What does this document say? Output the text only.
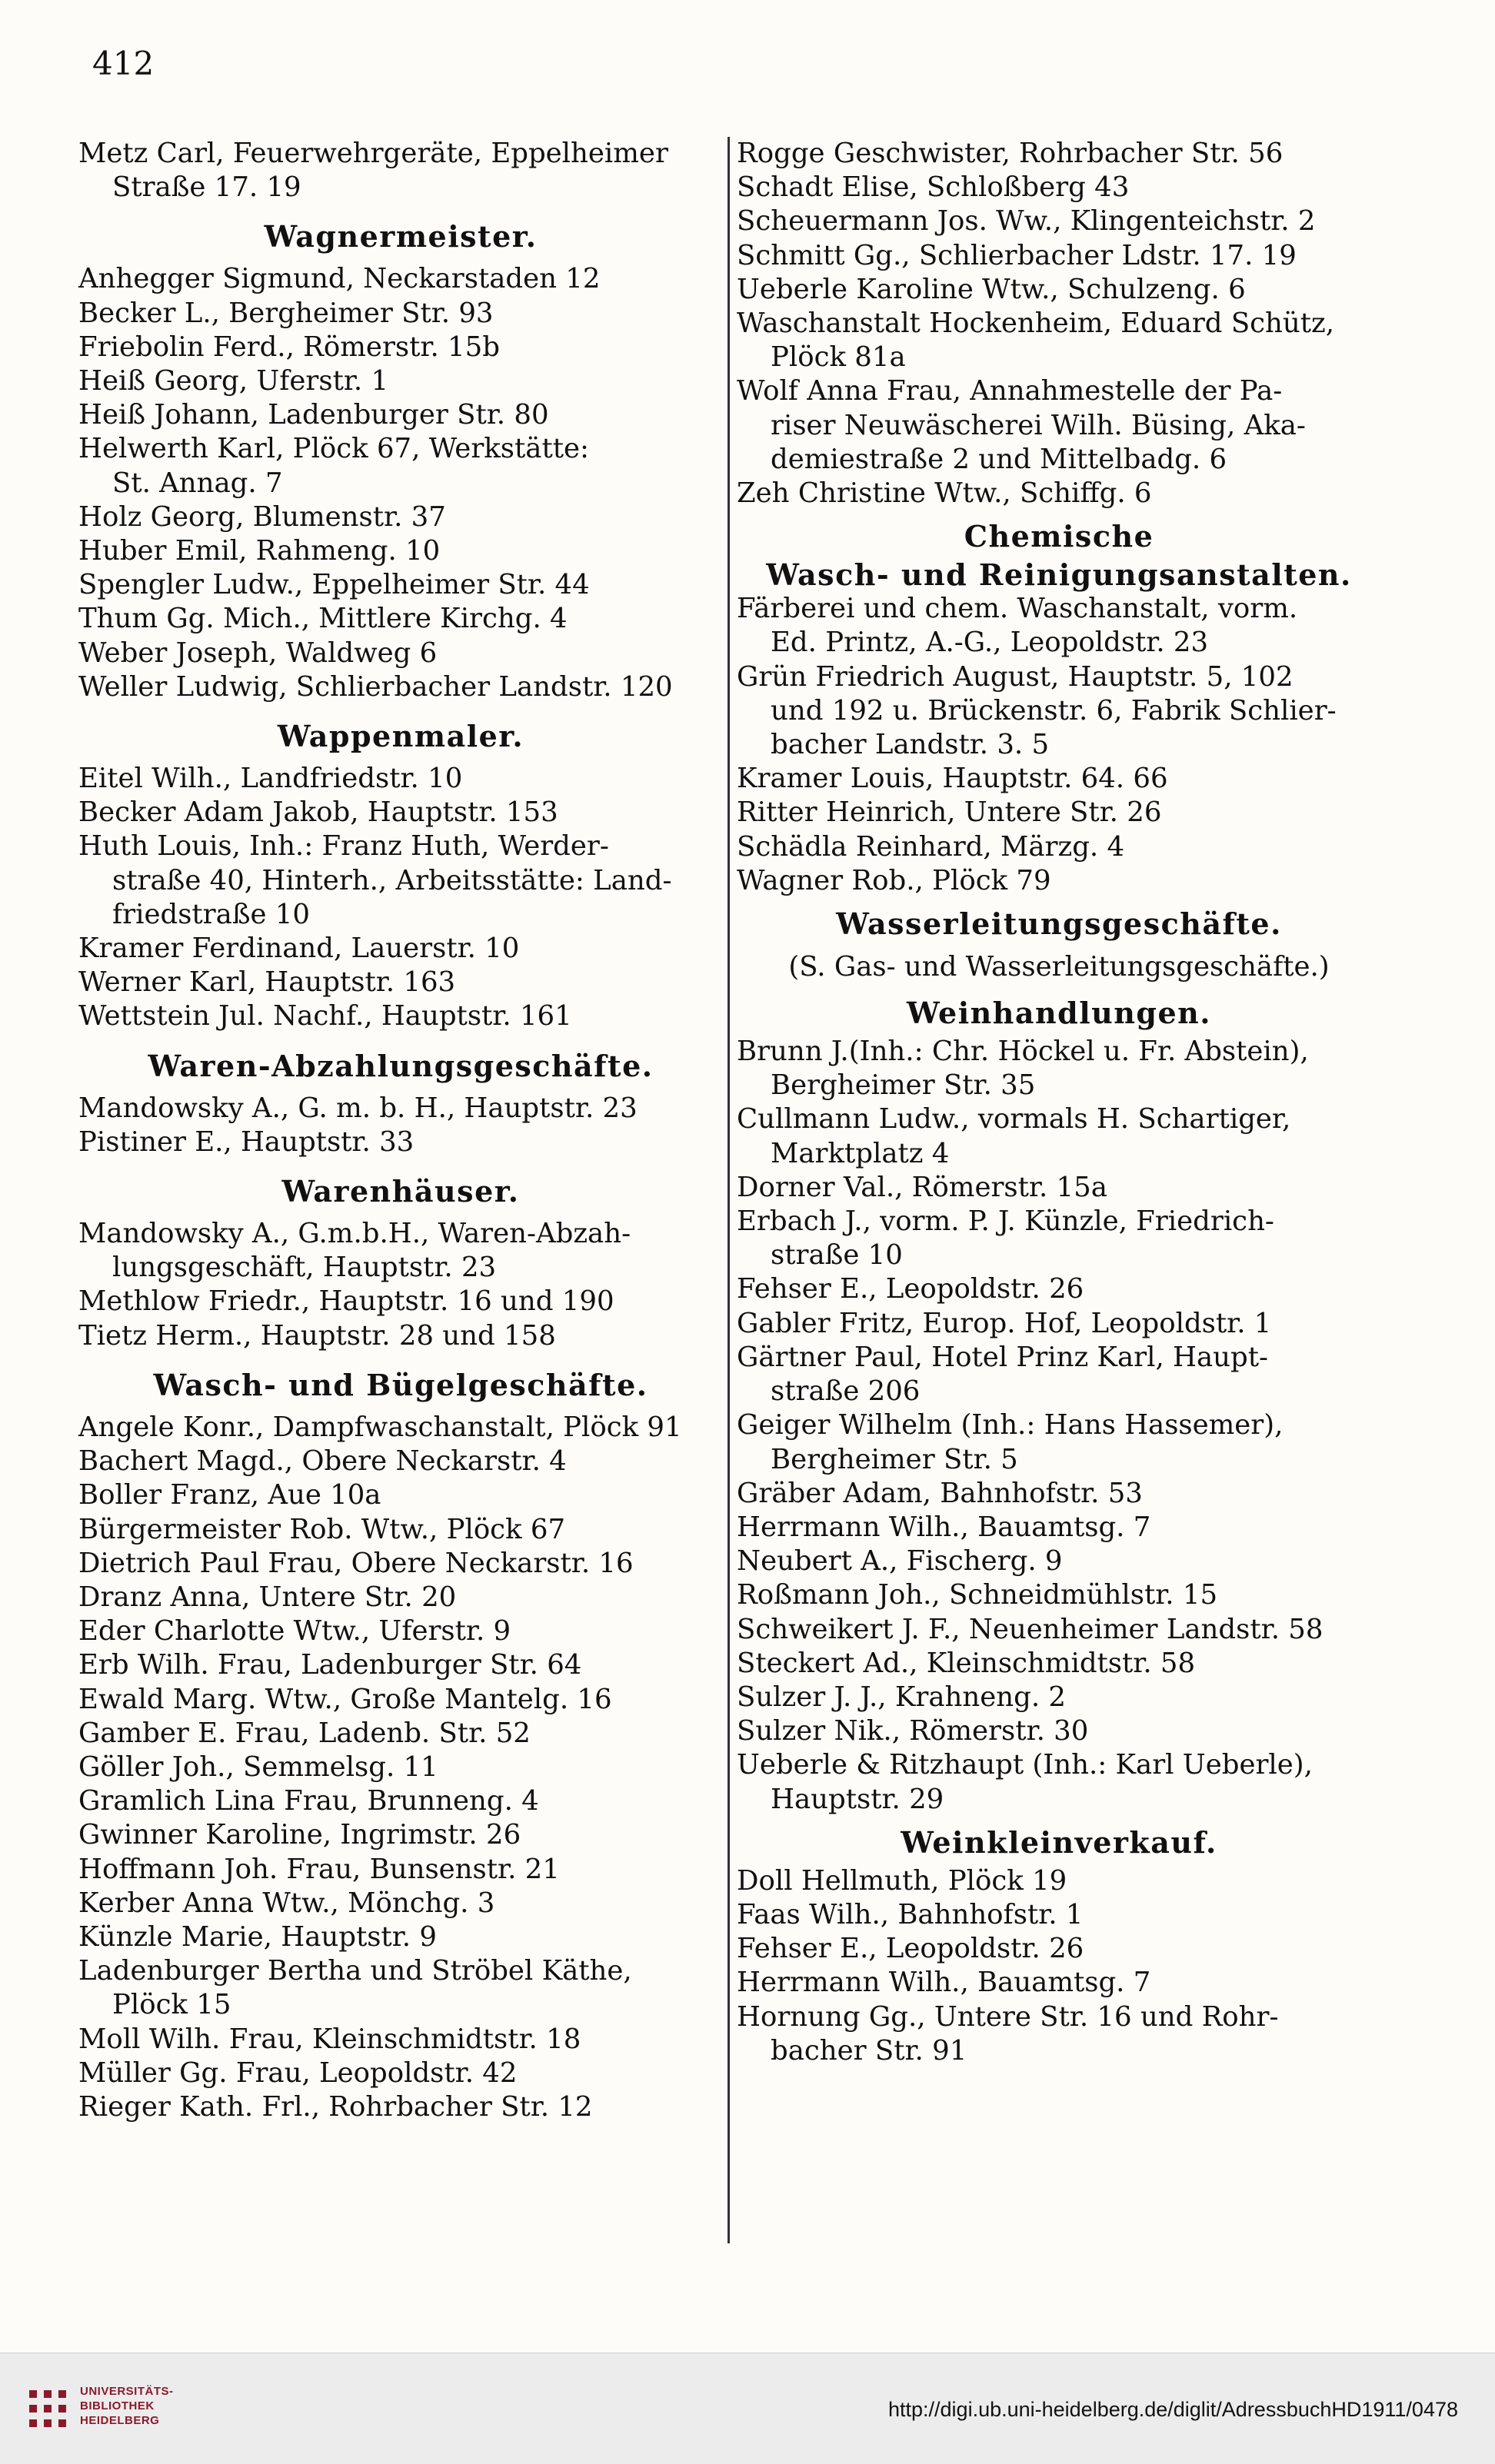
412

Metz Carl, Feuerwehrgeräte, Eppelheimer
Straße 17. 19

Wagnermeister.

Anhegger Sigmund, Neckarstaden 12

Becker L., Bergheimer Str. 93

Friebolin Ferd., Römerstr. 15b

Heiß Georg, Uferstr. 1

Heiß Johann, Ladenburger Str. 80

Helwerth Karl, Plöck 67, Werkstätte:
St. Annag. 7

Holz Georg, Blumenstr. 37

Huber Emil, Rahmeng. 10

Spengler Ludw., Eppelheimer Str. 44

Thum Gg. Mich., Mittlere Kirchg. 4

Weber Joseph, Waldweg 6

Weller Ludwig, Schlierbacher Landstr. 120

Wappenmaler.

Eitel Wilh., Landfriedstr. 10

Becker Adam Jakob, Hauptstr. 153

Huth Louis, Inh.: Franz Huth, Werder-
straße 40, Hinterh., Arbeitsstätte: Land-
friedstraße 10

Kramer Ferdinand, Lauerstr. 10

Werner Karl, Hauptstr. 163

Wettstein Jul. Nachf., Hauptstr. 161

Waren-Abzahlungsgeschäfte.

Mandowsky A., G. m. b. H., Hauptstr. 23

Pistiner E., Hauptstr. 33

Warenhäuser.

Mandowsky A., G.m.b.H., Waren-Abzah-
lungsgeschäft, Hauptstr. 23

Methlow Friedr., Hauptstr. 16 und 190

Tietz Herm., Hauptstr. 28 und 158

Wasch- und Bügelgeschäfte.

Angele Konr., Dampfwaschanstalt, Plöck 91

Bachert Magd., Obere Neckarstr. 4

Boller Franz, Aue 10a

Bürgermeister Rob. Wtw., Plöck 67

Dietrich Paul Frau, Obere Neckarstr. 16

Dranz Anna, Untere Str. 20

Eder Charlotte Wtw., Uferstr. 9

Erb Wilh. Frau, Ladenburger Str. 64

Ewald Marg. Wtw., Große Mantelg. 16

Gamber E. Frau, Ladenb. Str. 52

Göller Joh., Semmelsg. 11

Gramlich Lina Frau, Brunneng. 4

Gwinner Karoline, Ingrimstr. 26

Hoffmann Joh. Frau, Bunsenstr. 21

Kerber Anna Wtw., Mönchg. 3

Künzle Marie, Hauptstr. 9

Ladenburger Bertha und Ströbel Käthe,
Plöck 15

Moll Wilh. Frau, Kleinschmidtstr. 18

Müller Gg. Frau, Leopoldstr. 42

Rieger Kath. Frl., Rohrbacher Str. 12

Rogge Geschwister, Rohrbacher Str. 56

Schadt Elise, Schloßberg 43

Scheuermann Jos. Ww., Klingenteichstr. 2

Schmitt Gg., Schlierbacher Ldstr. 17. 19

Ueberle Karoline Wtw., Schulzeng. 6

Waschanstalt Hockenheim, Eduard Schütz,
Plöck 81a

Wolf Anna Frau, Annahmestelle der Pa-
riser Neuwäscherei Wilh. Büsing, Aka-
demiestraße 2 und Mittelbadg. 6

Zeh Christine Wtw., Schiffg. 6

Chemische

Wasch- und Reinigungsanstalten.

Färberei und chem. Waschanstalt, vorm.
Ed. Printz, A.-G., Leopoldstr. 23

Grün Friedrich August, Hauptstr. 5, 102
und 192 u. Brückenstr. 6, Fabrik Schlier-
bacher Landstr. 3. 5

Kramer Louis, Hauptstr. 64. 66

Ritter Heinrich, Untere Str. 26

Schädla Reinhard, Märzg. 4

Wagner Rob., Plöck 79

Wasserleitungsgeschäfte.

(S. Gas- und Wasserleitungsgeschäfte.)

Weinhandlungen.

Brunn J.(Inh.: Chr. Höckel u. Fr. Abstein),
Bergheimer Str. 35

Cullmann Ludw., vormals H. Schartiger,
Marktplatz 4

Dorner Val., Römerstr. 15a

Erbach J., vorm. P. J. Künzle, Friedrich-
straße 10

Fehser E., Leopoldstr. 26

Gabler Fritz, Europ. Hof, Leopoldstr. 1

Gärtner Paul, Hotel Prinz Karl, Haupt-
straße 206

Geiger Wilhelm (Inh.: Hans Hassemer),
Bergheimer Str. 5

Gräber Adam, Bahnhofstr. 53

Herrmann Wilh., Bauamtsg. 7

Neubert A., Fischerg. 9

Roßmann Joh., Schneidmühlstr. 15

Schweikert J. F., Neuenheimer Landstr. 58

Steckert Ad., Kleinschmidtstr. 58

Sulzer J. J., Krahneng. 2

Sulzer Nik., Römerstr. 30

Ueberle & Ritzhaupt (Inh.: Karl Ueberle),
Hauptstr. 29

Weinkleinverkauf.

Doll Hellmuth, Plöck 19

Faas Wilh., Bahnhofstr. 1

Fehser E., Leopoldstr. 26

Herrmann Wilh., Bauamtsg. 7

Hornung Gg., Untere Str. 16 und Rohr-
bacher Str. 91

UNIVERSITÄTS-
BIBLIOTHEK
HEIDELBERG	http://digi.ub.uni-heidelberg.de/diglit/AdressbuchHD1911/0478
